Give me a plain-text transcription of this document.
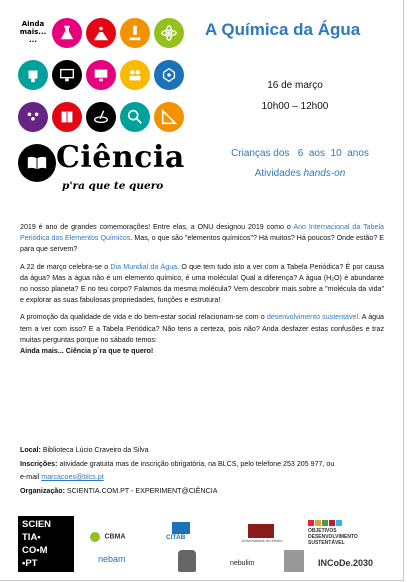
Ainda
mais...
...
Ciência
p'ra que te quero
A Química da Água
16 de março
10h00 – 12h00
Crianças dos   6  aos  10  anos
Atividades hands-on

2019 é ano de grandes comemorações! Entre elas, a ONU designou 2019 como o Ano Internacional da Tabela Periódica dos Elementos Químicos. Mas, o que são "elementos químicos"? Há muitos? Há poucos? Onde estão? E para que servem?

A 22 de março celebra-se o Dia Mundial da Água. O que tem tudo isto a ver com a Tabela Periódica? É por causa da água? Mas a água não é um elemento químico, é uma molécula! Qual a diferença? A água (H₂O) é abundante no nosso planeta? E no teu corpo? Falamos da mesma molécula? Vem descobrir mais sobre a "molécula da vida" e explorar as suas fabulosas propriedades, funções e estrutura!

A promoção da qualidade de vida e do bem-estar social relacionam-se com o desenvolvimento sustentável. A água tem a ver com isso? E a Tabela Periódica? Não tens a certeza, pois não? Anda desfazer estas confusões e traz muitas perguntas porque no sábado temos:

Ainda mais... Ciência p´ra que te quero!

Local: Biblioteca Lúcio Craveiro da Silva
Inscrições: atividade gratuita mas de inscrição obrigatória, na BLCS, pelo telefone 253 205 977, ou
e-mail marcacoes@blcs.pt
Organização: SCIENTIA.COM.PT - EXPERIMENT@CIÊNCIA
SCIEN
TIA•
CO•M
•PT
CBMA	CITAB	Universidade do Minho
OBJETIVOS
DESENVOLVIMENTO
SUSTENTÁVEL
nebam	nebulim	INCoDe.2030
